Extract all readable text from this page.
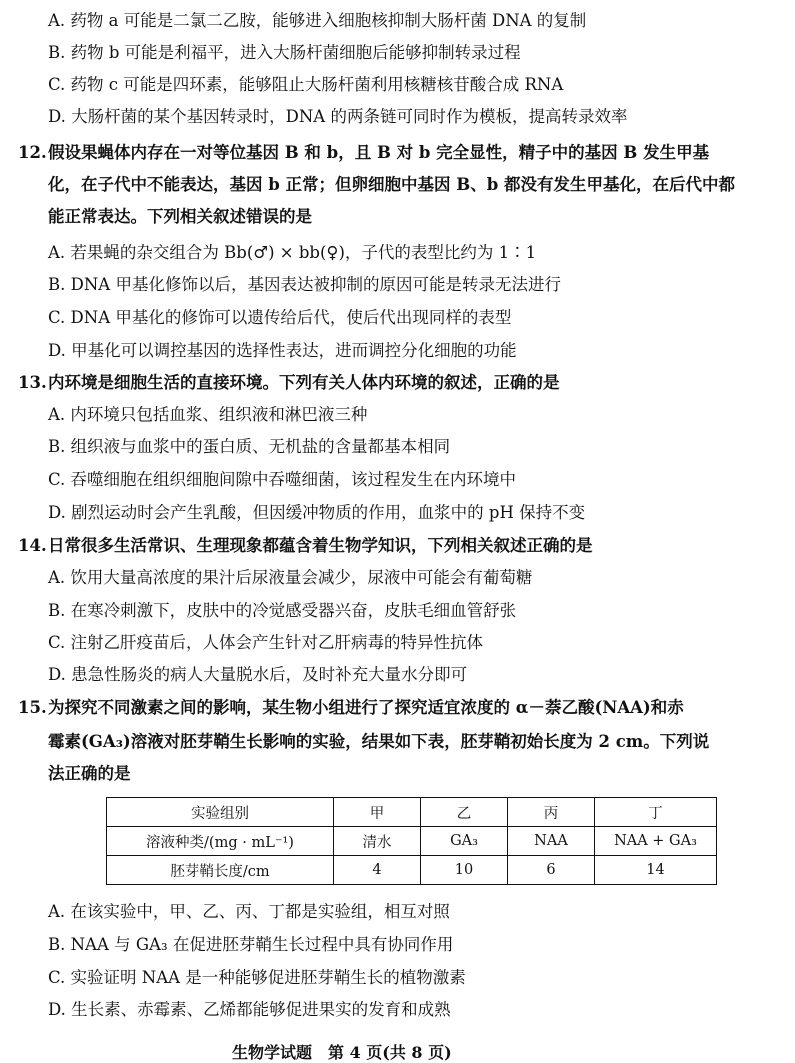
A. 药物 a 可能是二氯二乙胺，能够进入细胞核抑制大肠杆菌 DNA 的复制
B. 药物 b 可能是利福平，进入大肠杆菌细胞后能够抑制转录过程
C. 药物 c 可能是四环素，能够阻止大肠杆菌利用核糖核苷酸合成 RNA
D. 大肠杆菌的某个基因转录时，DNA 的两条链可同时作为模板，提高转录效率
12. 假设果蝇体内存在一对等位基因 B 和 b，且 B 对 b 完全显性，精子中的基因 B 发生甲基
化，在子代中不能表达，基因 b 正常；但卵细胞中基因 B、b 都没有发生甲基化，在后代中都
能正常表达。下列相关叙述错误的是
A. 若果蝇的杂交组合为 Bb(♂) × bb(♀)，子代的表型比约为 1∶1
B. DNA 甲基化修饰以后，基因表达被抑制的原因可能是转录无法进行
C. DNA 甲基化的修饰可以遗传给后代，使后代出现同样的表型
D. 甲基化可以调控基因的选择性表达，进而调控分化细胞的功能
13. 内环境是细胞生活的直接环境。下列有关人体内环境的叙述，正确的是
A. 内环境只包括血浆、组织液和淋巴液三种
B. 组织液与血浆中的蛋白质、无机盐的含量都基本相同
C. 吞噬细胞在组织细胞间隙中吞噬细菌，该过程发生在内环境中
D. 剧烈运动时会产生乳酸，但因缓冲物质的作用，血浆中的 pH 保持不变
14. 日常很多生活常识、生理现象都蕴含着生物学知识，下列相关叙述正确的是
A. 饮用大量高浓度的果汁后尿液量会减少，尿液中可能会有葡萄糖
B. 在寒冷刺激下，皮肤中的冷觉感受器兴奋，皮肤毛细血管舒张
C. 注射乙肝疫苗后，人体会产生针对乙肝病毒的特异性抗体
D. 患急性肠炎的病人大量脱水后，及时补充大量水分即可
15. 为探究不同激素之间的影响，某生物小组进行了探究适宜浓度的 α－萘乙酸(NAA)和赤
霉素(GA₃)溶液对胚芽鞘生长影响的实验，结果如下表，胚芽鞘初始长度为 2 cm。下列说
法正确的是
实验组别	甲	乙	丙	丁
溶液种类/(mg · mL⁻¹)	清水	GA₃	NAA	NAA + GA₃
胚芽鞘长度/cm	4	10	6	14
A. 在该实验中，甲、乙、丙、丁都是实验组，相互对照
B. NAA 与 GA₃ 在促进胚芽鞘生长过程中具有协同作用
C. 实验证明 NAA 是一种能够促进胚芽鞘生长的植物激素
D. 生长素、赤霉素、乙烯都能够促进果实的发育和成熟
生物学试题　第 4 页(共 8 页)
